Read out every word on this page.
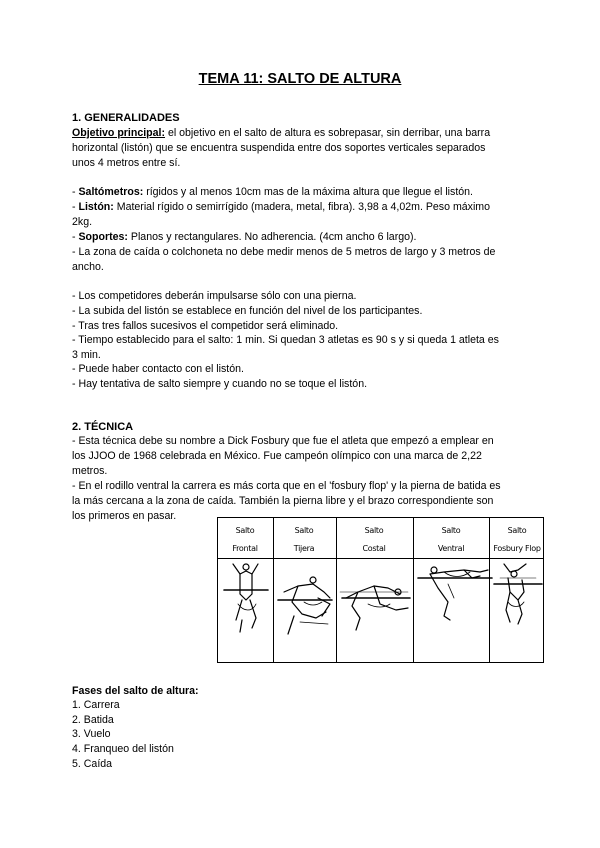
TEMA 11: SALTO DE ALTURA
1. GENERALIDADES
Objetivo principal: el objetivo en el salto de altura es sobrepasar, sin derribar, una barra
horizontal (listón) que se encuentra suspendida entre dos soportes verticales separados
unos 4 metros entre sí.
- Saltómetros: rígidos y al menos 10cm mas de la máxima altura que llegue el listón.
- Listón: Material rígido o semirrígido (madera, metal, fibra). 3,98 a 4,02m. Peso máximo
2kg.
- Soportes: Planos y rectangulares. No adherencia. (4cm ancho 6 largo).
- La zona de caída o colchoneta no debe medir menos de 5 metros de largo y 3 metros de
ancho.
- Los competidores deberán impulsarse sólo con una pierna.
- La subida del listón se establece en función del nivel de los participantes.
- Tras tres fallos sucesivos el competidor será eliminado.
- Tiempo establecido para el salto: 1 min. Si quedan 3 atletas es 90 s y si queda 1 atleta es
3 min.
- Puede haber contacto con el listón.
- Hay tentativa de salto siempre y cuando no se toque el listón.
2. TÉCNICA
- Esta técnica debe su nombre a Dick Fosbury que fue el atleta que empezó a emplear en
los JJOO de 1968 celebrada en México. Fue campeón olímpico con una marca de 2,22
metros.
- En el rodillo ventral la carrera es más corta que en el 'fosbury flop' y la pierna de batida es
la más cercana a la zona de caída. También la pierna libre y el brazo correspondiente son
los primeros en pasar.
Salto
Frontal
Salto
Tijera
Salto
Costal
Salto
Ventral
Salto
Fosbury Flop
Fases del salto de altura:
1. Carrera
2. Batida
3. Vuelo
4. Franqueo del listón
5. Caída
